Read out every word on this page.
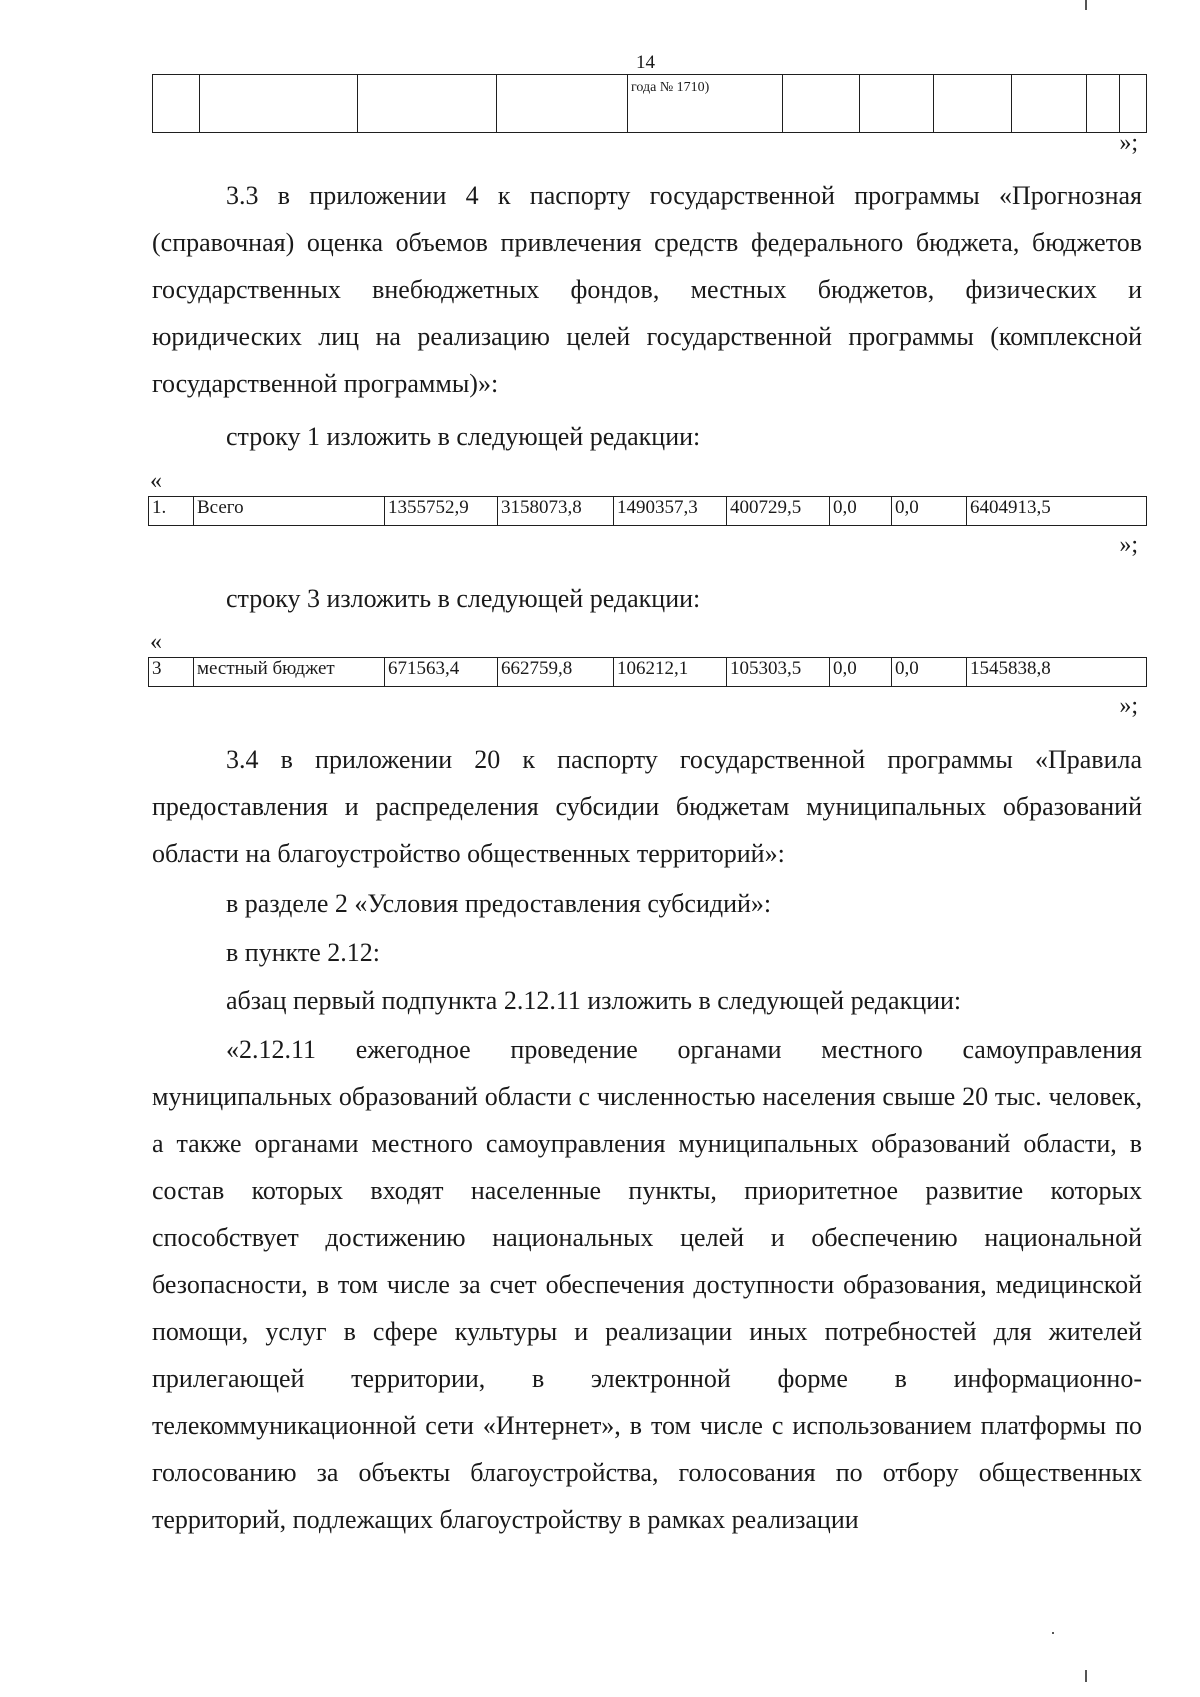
14
				года № 1710)						
»;
3.3 в приложении 4 к паспорту государственной программы «Прогнозная (справочная) оценка объемов привлечения средств федерального бюджета, бюджетов государственных внебюджетных фондов, местных бюджетов, физических и юридических лиц на реализацию целей государственной программы (комплексной государственной программы)»:
строку 1 изложить в следующей редакции:
«
1.	Всего	1355752,9	3158073,8	1490357,3	400729,5	0,0	0,0	6404913,5
»;
строку 3 изложить в следующей редакции:
«
3	местный бюджет	671563,4	662759,8	106212,1	105303,5	0,0	0,0	1545838,8
»;
3.4 в приложении 20 к паспорту государственной программы «Правила предоставления и распределения субсидии бюджетам муниципальных образований области на благоустройство общественных территорий»:
в разделе 2 «Условия предоставления субсидий»:
в пункте 2.12:
абзац первый подпункта 2.12.11 изложить в следующей редакции:
«2.12.11 ежегодное проведение органами местного самоуправления муниципальных образований области с численностью населения свыше 20 тыс. человек, а также органами местного самоуправления муниципальных образований области, в состав которых входят населенные пункты, приоритетное развитие которых способствует достижению национальных целей и обеспечению национальной безопасности, в том числе за счет обеспечения доступности образования, медицинской помощи, услуг в сфере культуры и реализации иных потребностей для жителей прилегающей территории, в электронной форме в информационно-телекоммуникационной сети «Интернет», в том числе с использованием платформы по голосованию за объекты благоустройства, голосования по отбору общественных территорий, подлежащих благоустройству в рамках реализации
